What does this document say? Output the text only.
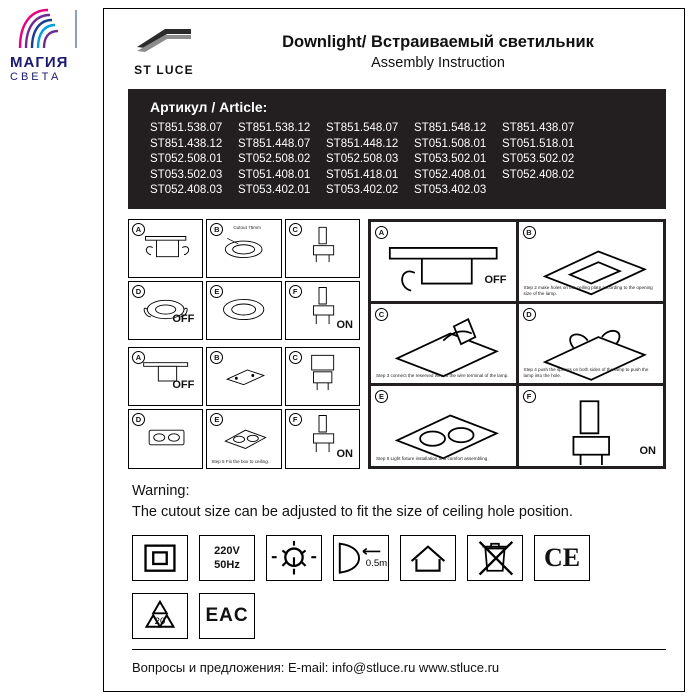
МАГИЯ
СВЕТА	ST LUCE
Downlight/ Встраиваемый светильник
Assembly Instruction
Артикул / Article:
ST851.538.07	ST851.538.12	ST851.548.07	ST851.548.12	ST851.438.07
ST851.438.12	ST851.448.07	ST851.448.12	ST051.508.01	ST051.518.01
ST052.508.01	ST052.508.02	ST052.508.03	ST053.502.01	ST053.502.02
ST053.502.03	ST051.408.01	ST051.418.01	ST052.408.01	ST052.408.02
ST052.408.03	ST053.402.01	ST053.402.02	ST053.402.03
A	B	Cutout 75mm	C
D
OFF
E	F
ON
A
OFF
B	C
D	E
Step 5 Fix the box to ceiling.
F
ON
A
OFF
B
Step 2 make holes on the ceiling plate according to the opening size of the lamp.
C
Step 3 connect the reserved wire to the wire terminal of the lamp.
D
Step 4 push the springs on both sides of the lamp to push the lamp into the hole.
E
Step 5 Light fixture installation and comfort assembling.
F
ON
Warning:
The cutout size can be adjusted to fit the size of ceiling hole position.
220V
50Hz	0.5m	CE
20	EAC
Вопросы и предложения: E-mail: info@stluce.ru www.stluce.ru
